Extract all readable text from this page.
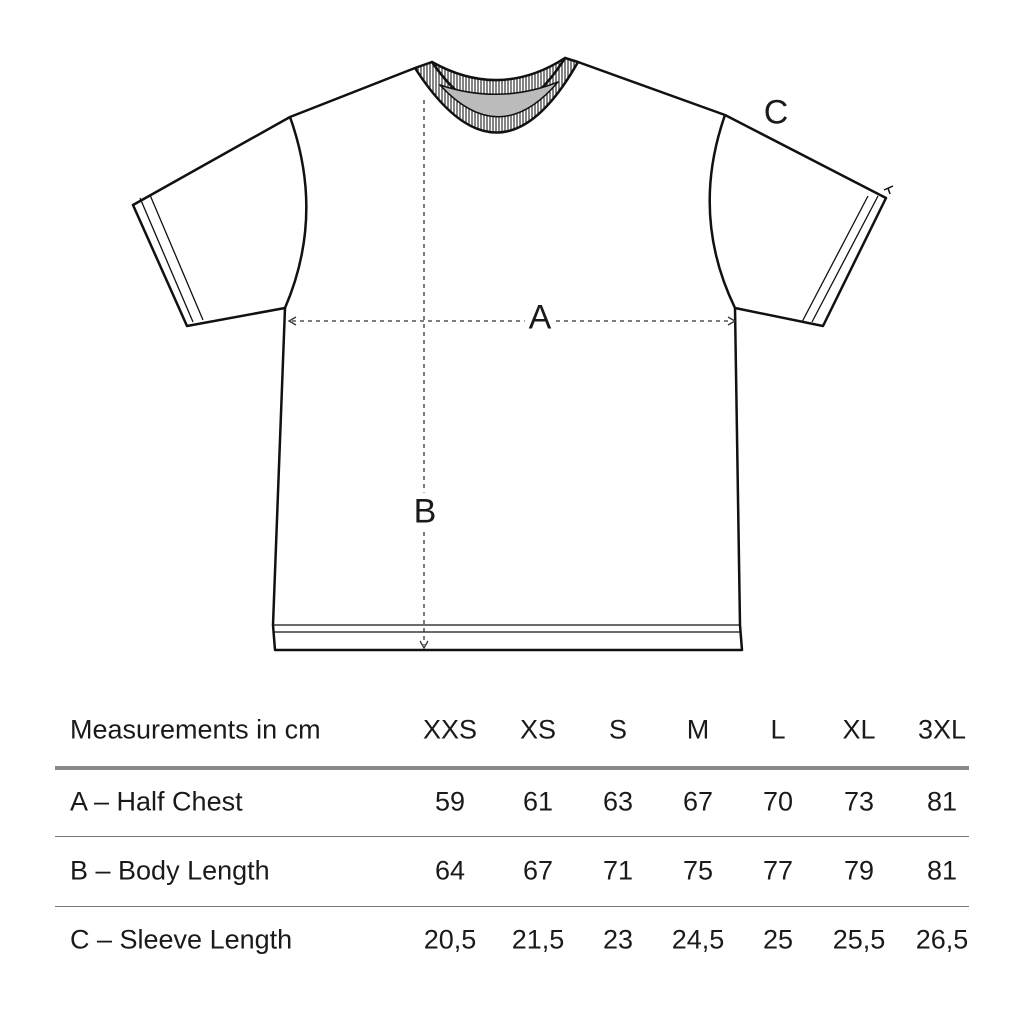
A
B
C
Measurements in cm	XXS XS S M L XL 3XL
A – Half Chest	59 61 63 67 70 73 81
B – Body Length	64 67 71 75 77 79 81
C – Sleeve Length	20,5 21,5 23 24,5 25 25,5 26,5
